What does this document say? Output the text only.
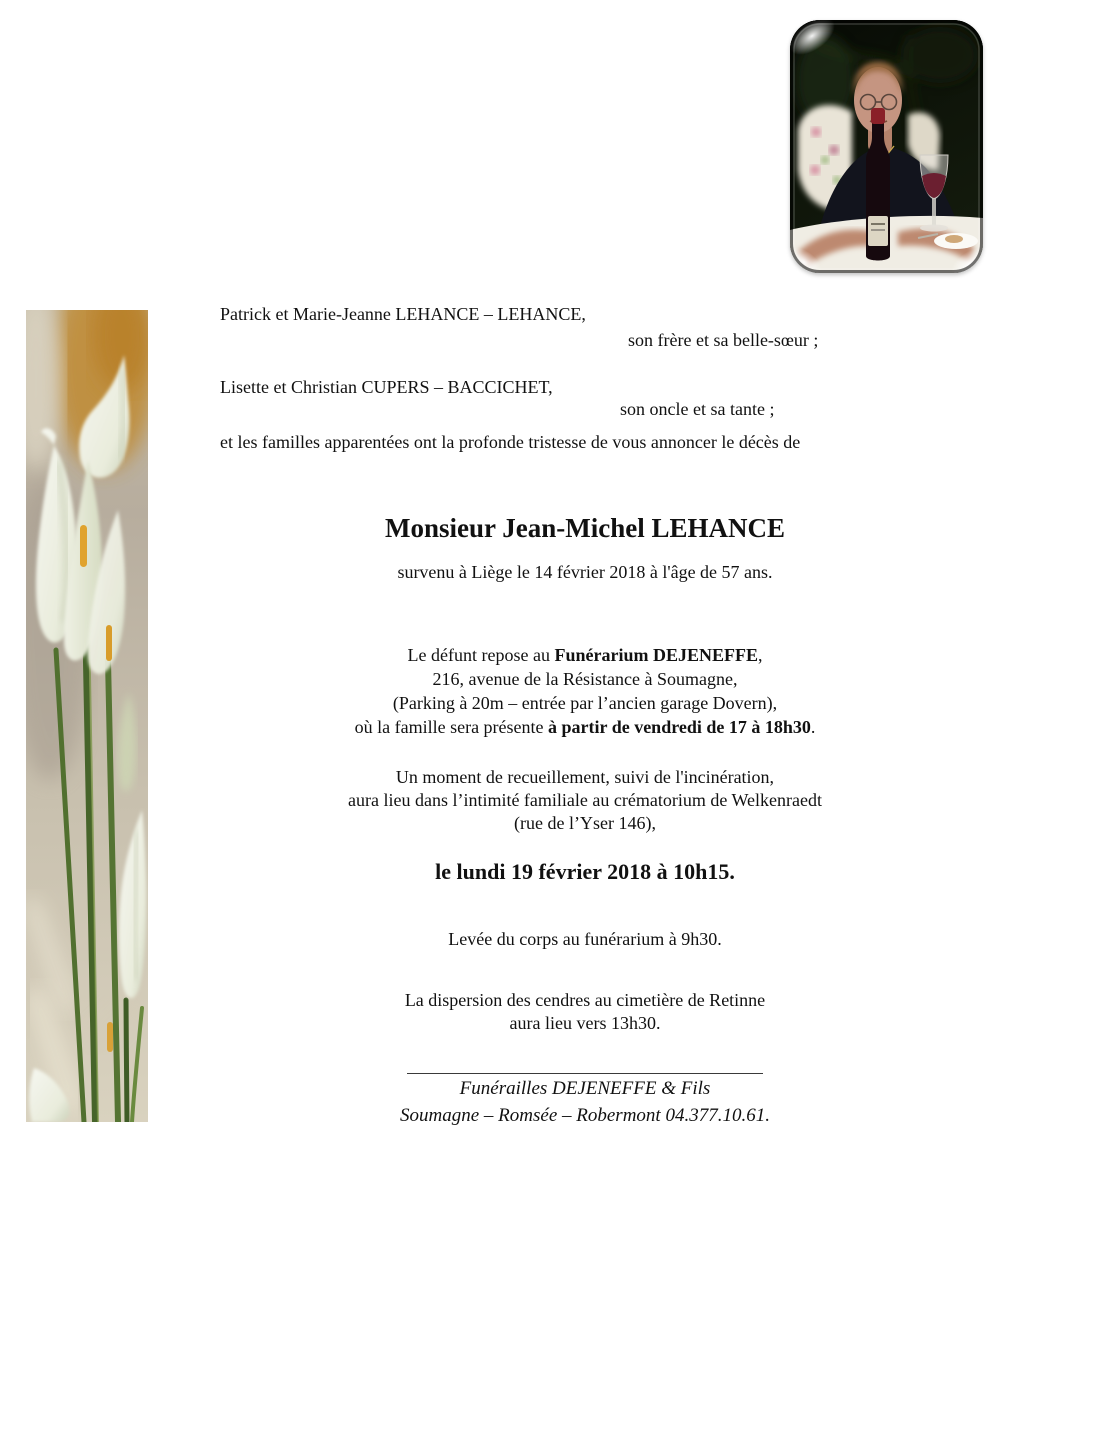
Patrick et Marie-Jeanne LEHANCE – LEHANCE,
son frère et sa belle-sœur ;
Lisette et Christian CUPERS – BACCICHET,
son oncle et sa tante ;
et les familles apparentées ont la profonde tristesse de vous annoncer le décès de
Monsieur Jean-Michel LEHANCE
survenu à Liège le 14 février 2018 à l'âge de 57 ans.
Le défunt repose au Funérarium DEJENEFFE,
216, avenue de la Résistance à Soumagne,
(Parking à 20m – entrée par l’ancien garage Dovern),
où la famille sera présente à partir de vendredi de 17 à 18h30.
Un moment de recueillement, suivi de l'incinération,
aura lieu dans l’intimité familiale au crématorium de Welkenraedt
(rue de l’Yser 146),
le lundi 19 février 2018 à 10h15.
Levée du corps au funérarium à 9h30.
La dispersion des cendres au cimetière de Retinne
aura lieu vers 13h30.
Funérailles DEJENEFFE & Fils
Soumagne – Romsée – Robermont 04.377.10.61.
